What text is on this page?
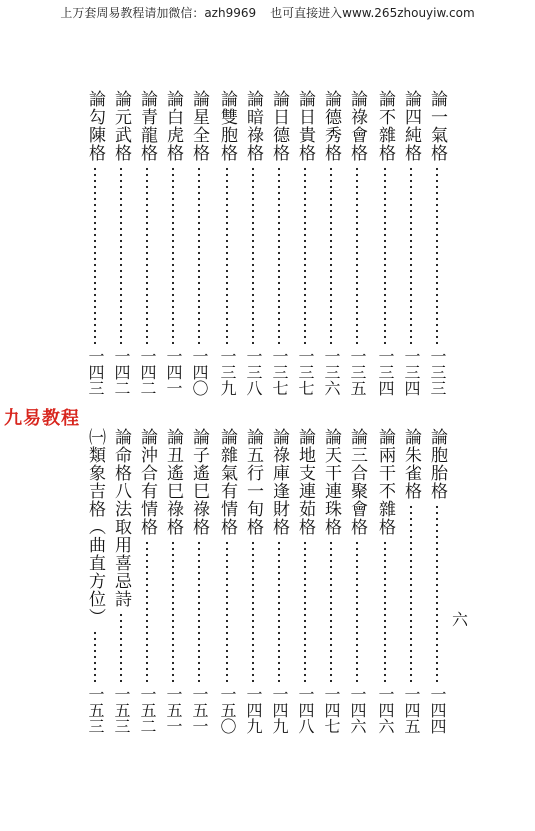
上万套周易教程请加微信：azh9969 也可直接进入www.265zhouyiw.com
六
論一氣格
一三三
論四純格
一三四
論不雜格
一三四
論祿會格
一三五
論德秀格
一三六
論日貴格
一三七
論日德格
一三七
論暗祿格
一三八
論雙胞格
一三九
論星全格
一四〇
論白虎格
一四一
論青龍格
一四二
論元武格
一四二
論勾陳格
一四三
論胞胎格
一四四
論朱雀格
一四五
論兩干不雜格
一四六
論三合聚會格
一四六
論天干連珠格
一四七
論地支連茹格
一四八
論祿庫逢財格
一四九
論五行一旬格
一四九
論雜氣有情格
一五〇
論子遙巳祿格
一五一
論丑遙巳祿格
一五一
論沖合有情格
一五二
論命格八法取用喜忌詩
一五三
㈠類象吉格（曲直方位）
一五三
九易教程
